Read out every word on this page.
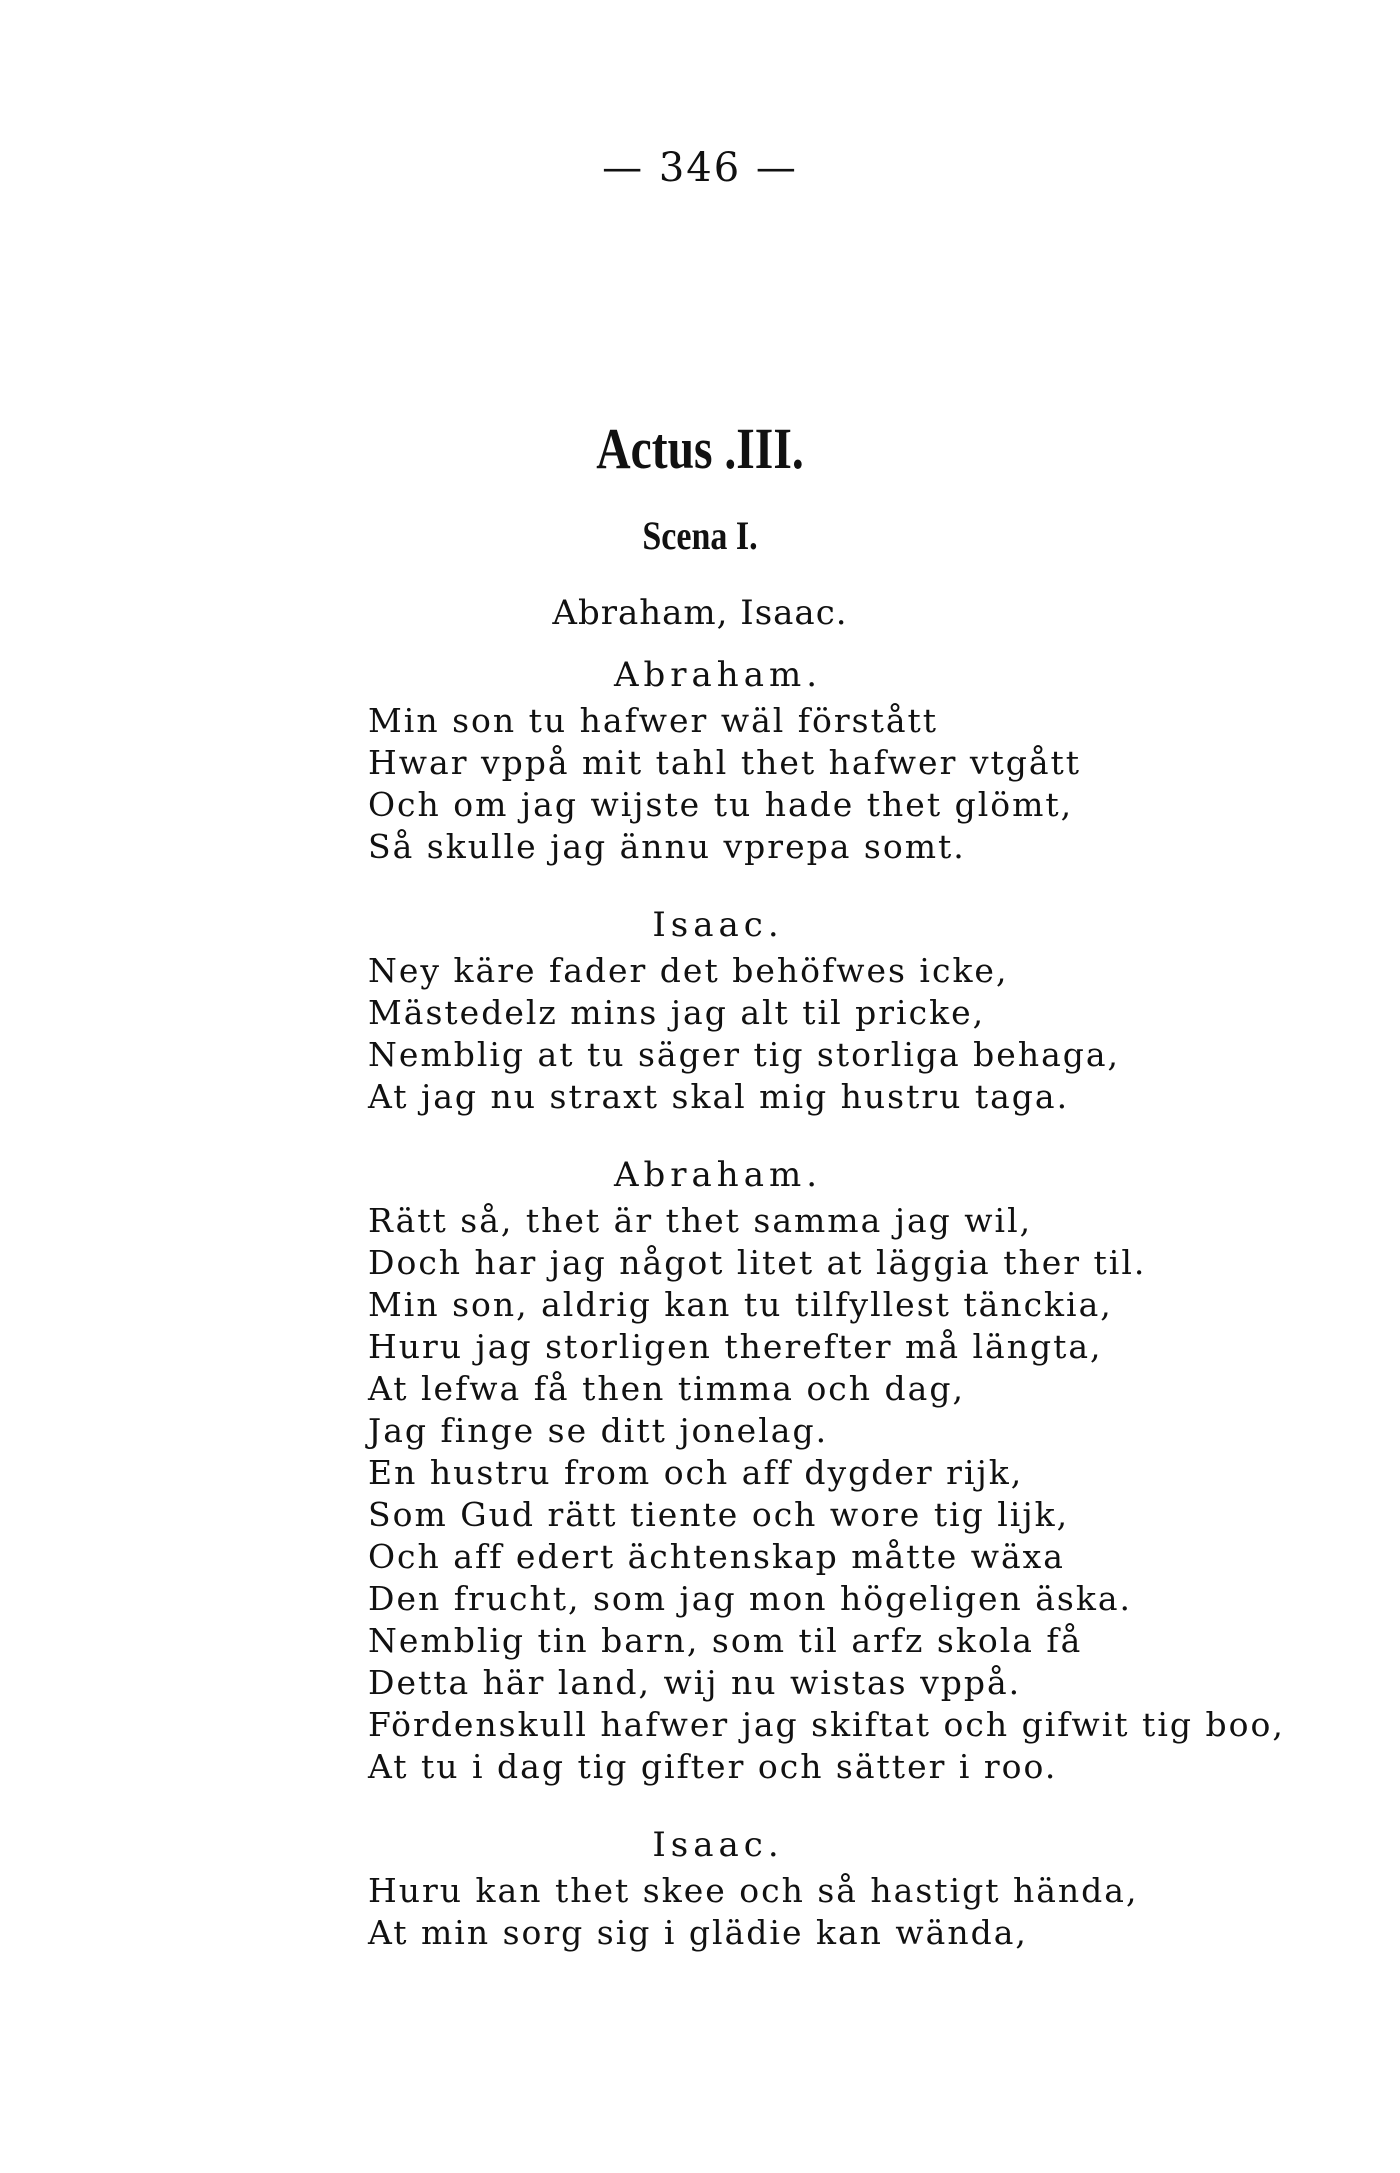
— 346 —
Actus .III.
Scena I.
Abraham, Isaac.
Abraham.
Min son tu hafwer wäl förstått
Hwar vppå mit tahl thet hafwer vtgått
Och om jag wijste tu hade thet glömt,
Så skulle jag ännu vprepa somt.
Isaac.
Ney käre fader det behöfwes icke,
Mästedelz mins jag alt til pricke,
Nemblig at tu säger tig storliga behaga,
At jag nu straxt skal mig hustru taga.
Abraham.
Rätt så, thet är thet samma jag wil,
Doch har jag något litet at läggia ther til.
Min son, aldrig kan tu tilfyllest tänckia,
Huru jag storligen therefter må längta,
At lefwa få then timma och dag,
Jag finge se ditt jonelag.
En hustru from och aff dygder rijk,
Som Gud rätt tiente och wore tig lijk,
Och aff edert ächtenskap måtte wäxa
Den frucht, som jag mon högeligen äska.
Nemblig tin barn, som til arfz skola få
Detta här land, wij nu wistas vppå.
Fördenskull hafwer jag skiftat och gifwit tig boo,
At tu i dag tig gifter och sätter i roo.
Isaac.
Huru kan thet skee och så hastigt hända,
At min sorg sig i glädie kan wända,
